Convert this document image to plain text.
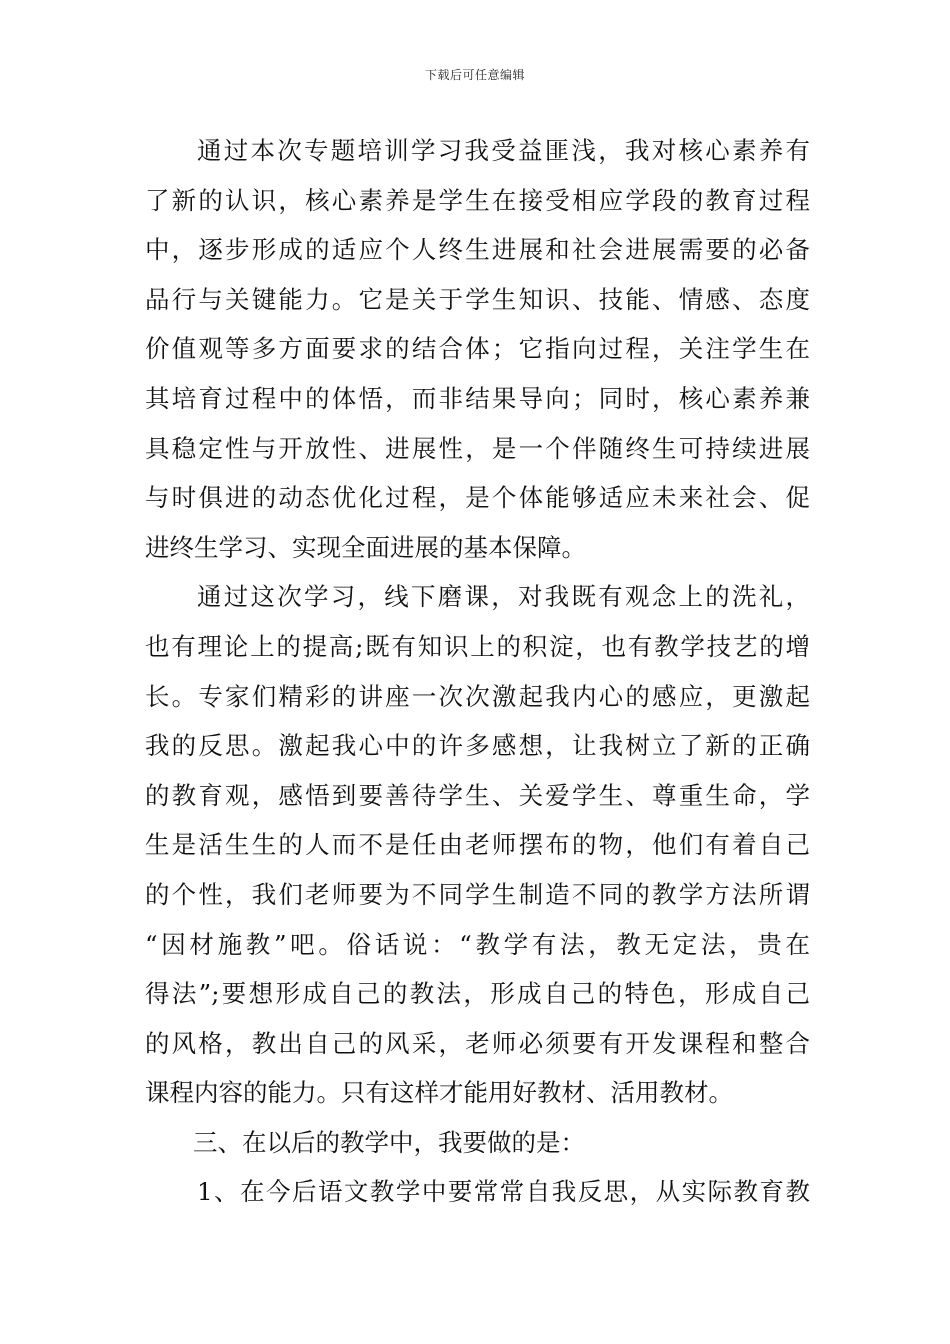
下载后可任意编辑
通过本次专题培训学习我受益匪浅，我对核心素养有
了新的认识，核心素养是学生在接受相应学段的教育过程
中，逐步形成的适应个人终生进展和社会进展需要的必备
品行与关键能力。它是关于学生知识、技能、情感、态度
价值观等多方面要求的结合体；它指向过程，关注学生在
其培育过程中的体悟，而非结果导向；同时，核心素养兼
具稳定性与开放性、进展性，是一个伴随终生可持续进展
与时俱进的动态优化过程，是个体能够适应未来社会、促
进终生学习、实现全面进展的基本保障。
通过这次学习，线下磨课，对我既有观念上的洗礼，
也有理论上的提高;既有知识上的积淀，也有教学技艺的增
长。专家们精彩的讲座一次次激起我内心的感应，更激起
我的反思。激起我心中的许多感想，让我树立了新的正确
的教育观，感悟到要善待学生、关爱学生、尊重生命，学
生是活生生的人而不是任由老师摆布的物，他们有着自己
的个性，我们老师要为不同学生制造不同的教学方法所谓
“因材施教”吧。俗话说：“教学有法，教无定法，贵在
得法”;要想形成自己的教法，形成自己的特色，形成自己
的风格，教出自己的风采，老师必须要有开发课程和整合
课程内容的能力。只有这样才能用好教材、活用教材。
三、在以后的教学中，我要做的是：
1、在今后语文教学中要常常自我反思，从实际教育教
